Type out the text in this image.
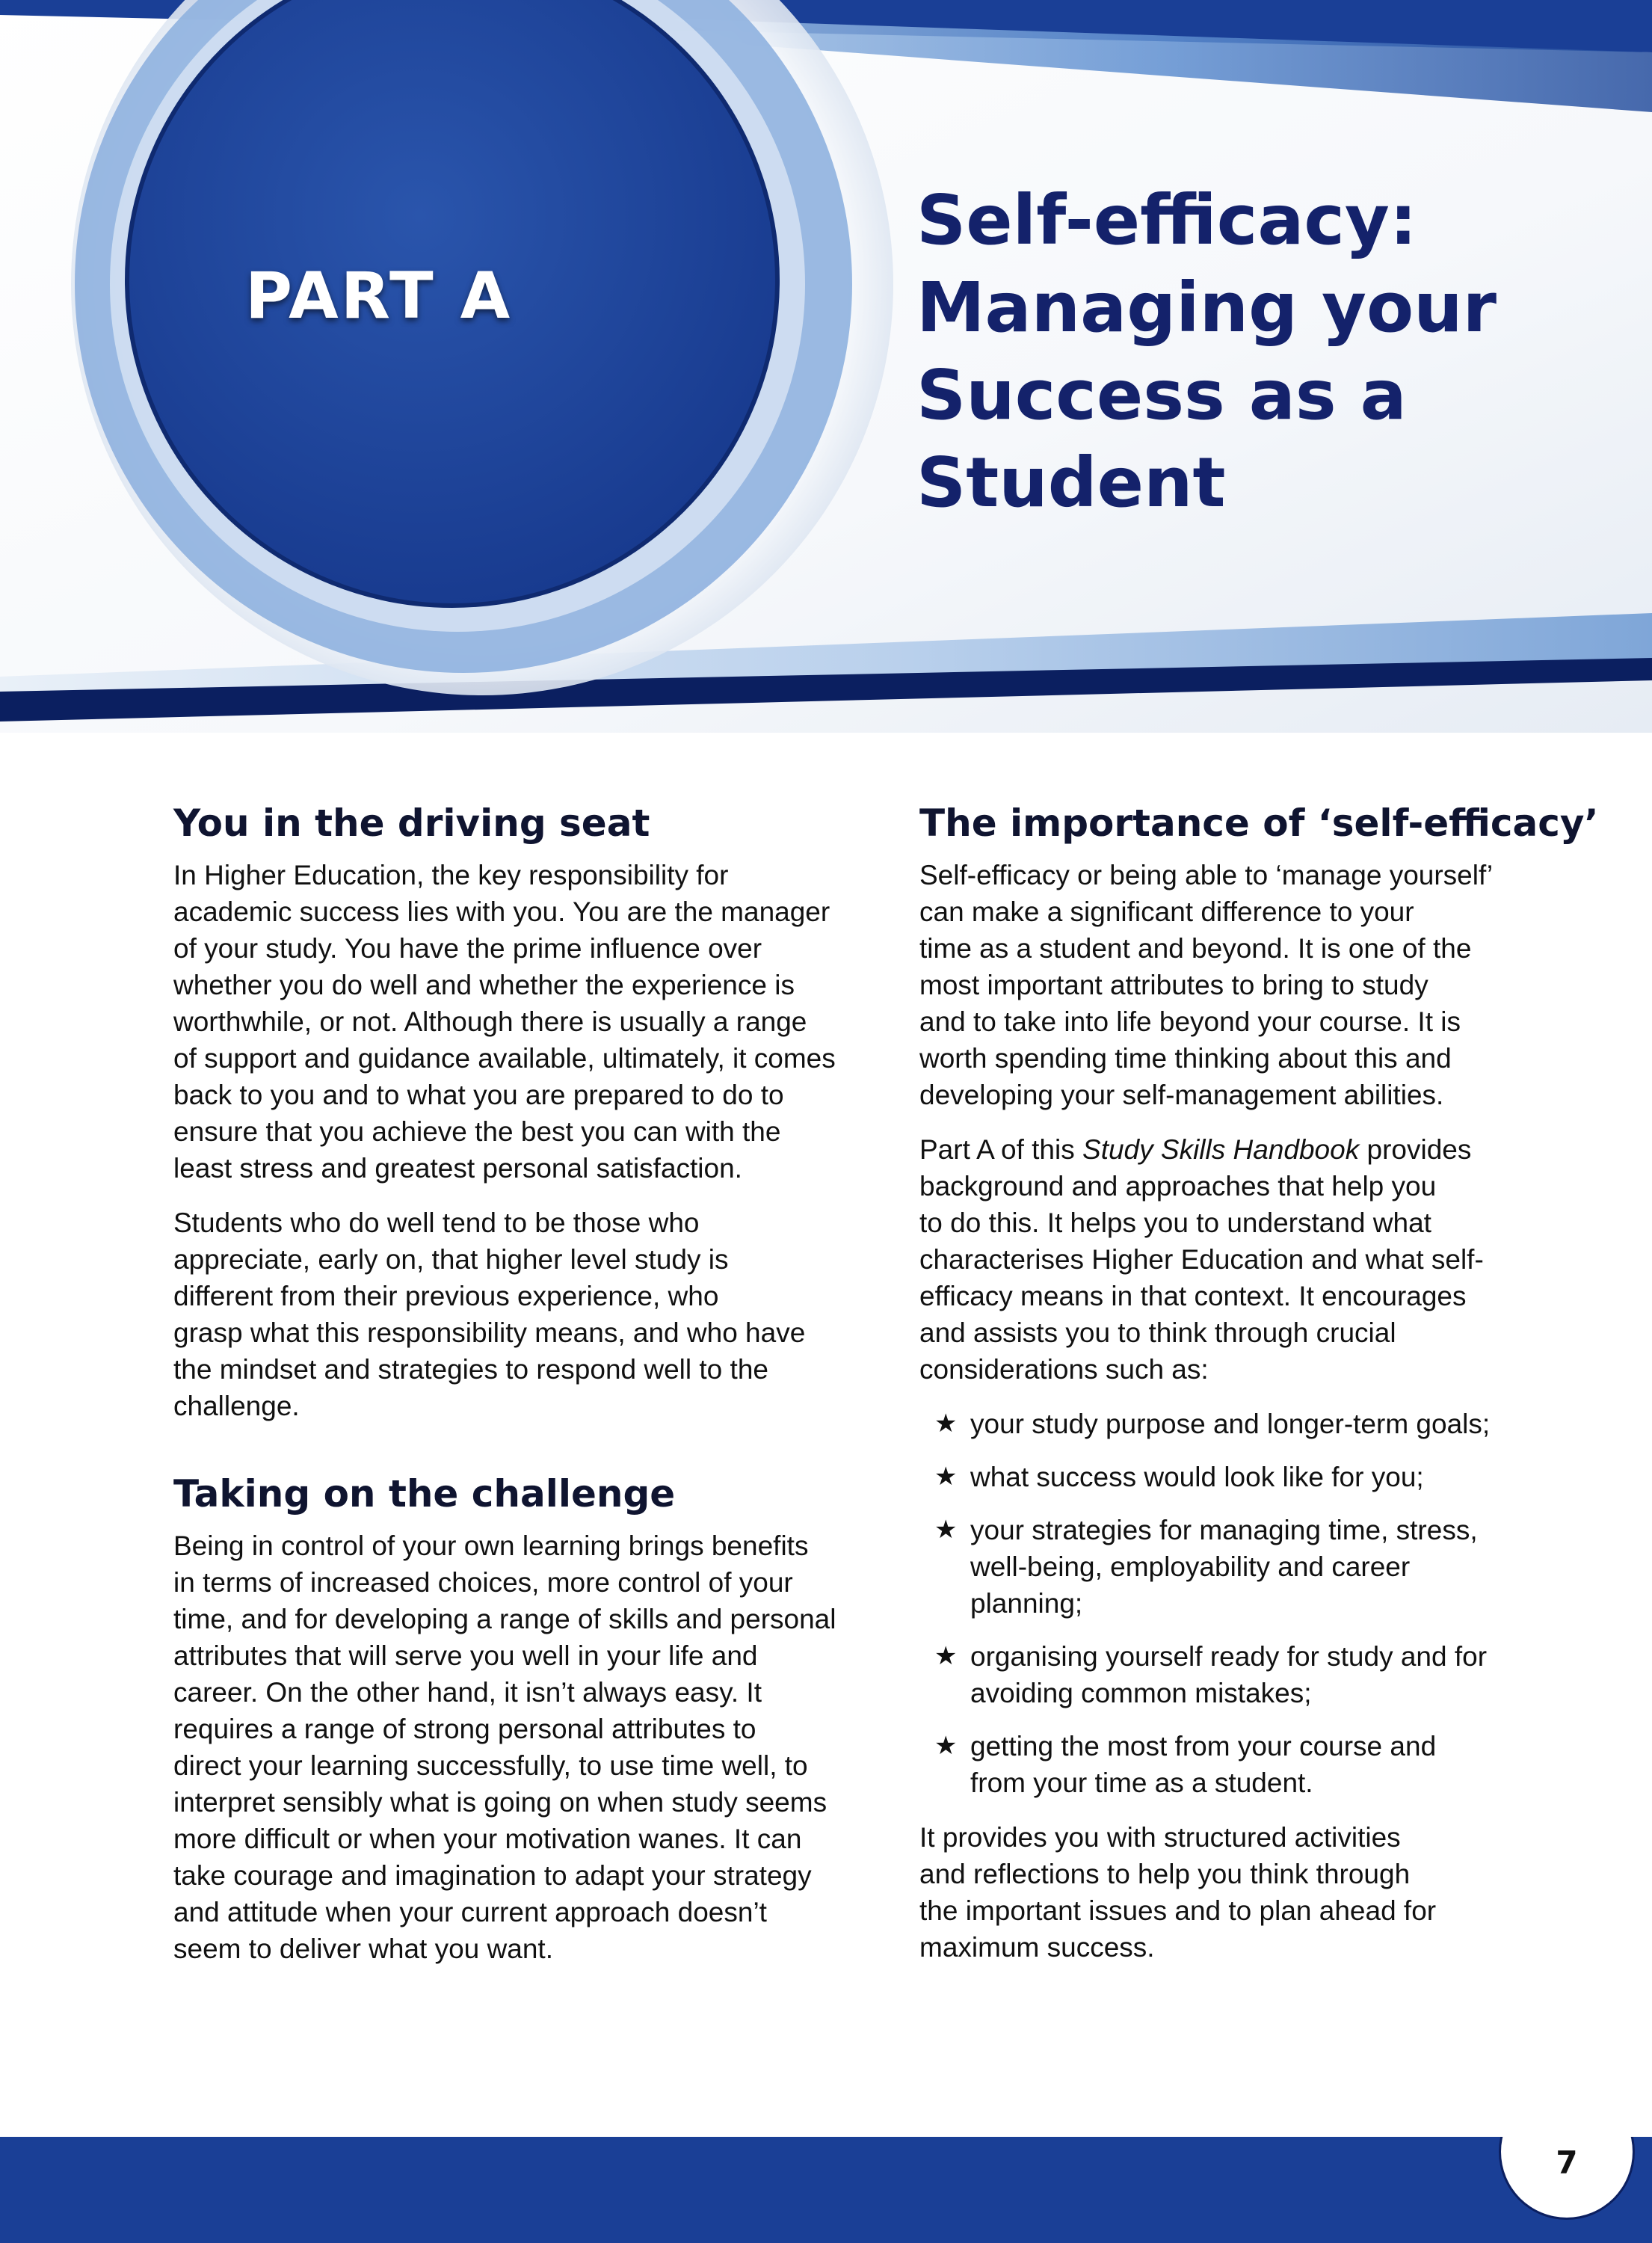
PART A
Self-efficacy:
Managing your
Success as a
Student
You in the driving seat

In Higher Education, the key responsibility for
academic success lies with you. You are the manager
of your study. You have the prime influence over
whether you do well and whether the experience is
worthwhile, or not. Although there is usually a range
of support and guidance available, ultimately, it comes
back to you and to what you are prepared to do to
ensure that you achieve the best you can with the
least stress and greatest personal satisfaction.

Students who do well tend to be those who
appreciate, early on, that higher level study is
different from their previous experience, who
grasp what this responsibility means, and who have
the mindset and strategies to respond well to the
challenge.

Taking on the challenge

Being in control of your own learning brings benefits
in terms of increased choices, more control of your
time, and for developing a range of skills and personal
attributes that will serve you well in your life and
career. On the other hand, it isn’t always easy. It
requires a range of strong personal attributes to
direct your learning successfully, to use time well, to
interpret sensibly what is going on when study seems
more difficult or when your motivation wanes. It can
take courage and imagination to adapt your strategy
and attitude when your current approach doesn’t
seem to deliver what you want.

The importance of ‘self-efficacy’

Self-efficacy or being able to ‘manage yourself’
can make a significant difference to your
time as a student and beyond. It is one of the
most important attributes to bring to study
and to take into life beyond your course. It is
worth spending time thinking about this and
developing your self-management abilities.

Part A of this Study Skills Handbook provides
background and approaches that help you
to do this. It helps you to understand what
characterises Higher Education and what self-
efficacy means in that context. It encourages
and assists you to think through crucial
considerations such as:

★ your study purpose and longer-term goals;
★ what success would look like for you;
★ your strategies for managing time, stress,
well-being, employability and career
planning;
★ organising yourself ready for study and for
avoiding common mistakes;
★ getting the most from your course and
from your time as a student.

It provides you with structured activities
and reflections to help you think through
the important issues and to plan ahead for
maximum success.

7
